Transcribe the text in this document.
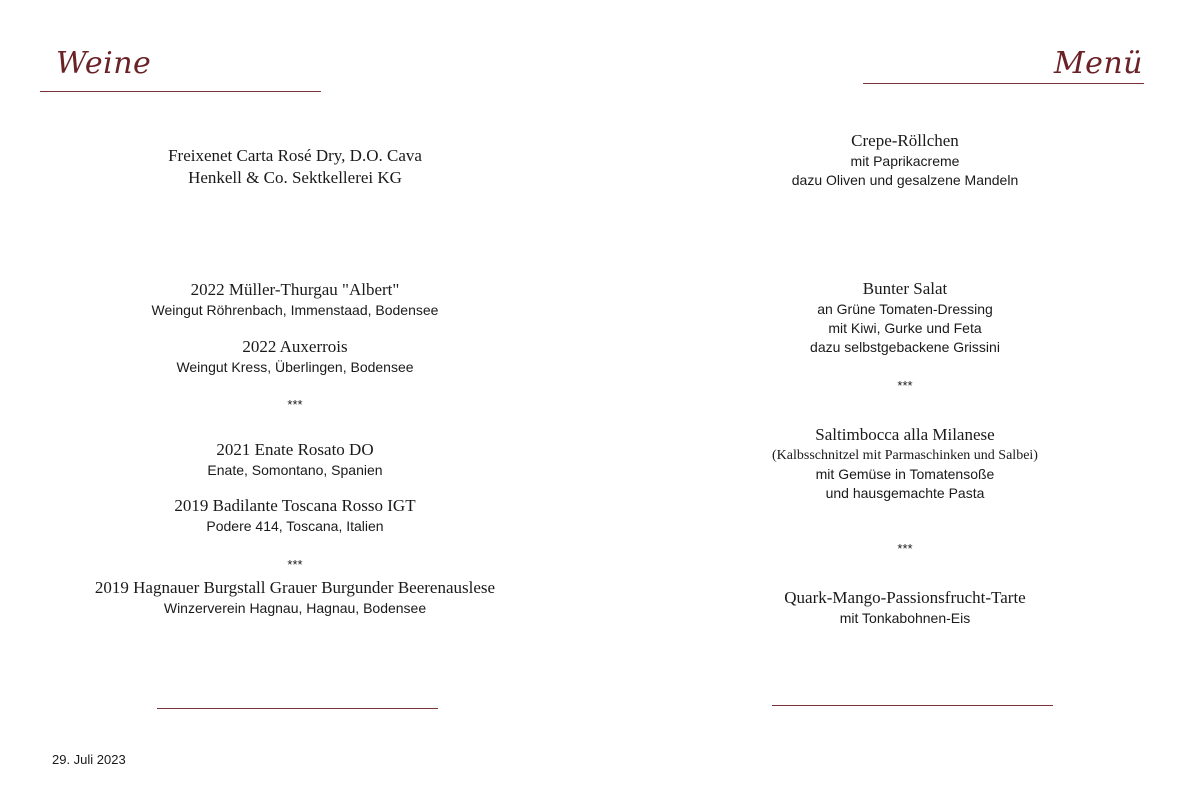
Weine
Freixenet Carta Rosé Dry, D.O. Cava
Henkell & Co. Sektkellerei KG
2022 Müller-Thurgau "Albert"
Weingut Röhrenbach, Immenstaad, Bodensee
2022 Auxerrois
Weingut Kress, Überlingen, Bodensee
***
2021 Enate Rosato DO
Enate, Somontano, Spanien
2019 Badilante Toscana Rosso IGT
Podere 414, Toscana, Italien
***
2019 Hagnauer Burgstall Grauer Burgunder Beerenauslese
Winzerverein Hagnau, Hagnau, Bodensee
29. Juli 2023
Menü
Crepe-Röllchen
mit Paprikacreme
dazu Oliven und gesalzene Mandeln
Bunter Salat
an Grüne Tomaten-Dressing
mit Kiwi, Gurke und Feta
dazu selbstgebackene Grissini
***
Saltimbocca alla Milanese
(Kalbsschnitzel mit Parmaschinken und Salbei)
mit Gemüse in Tomatensoße
und hausgemachte Pasta
***
Quark-Mango-Passionsfrucht-Tarte
mit Tonkabohnen-Eis
